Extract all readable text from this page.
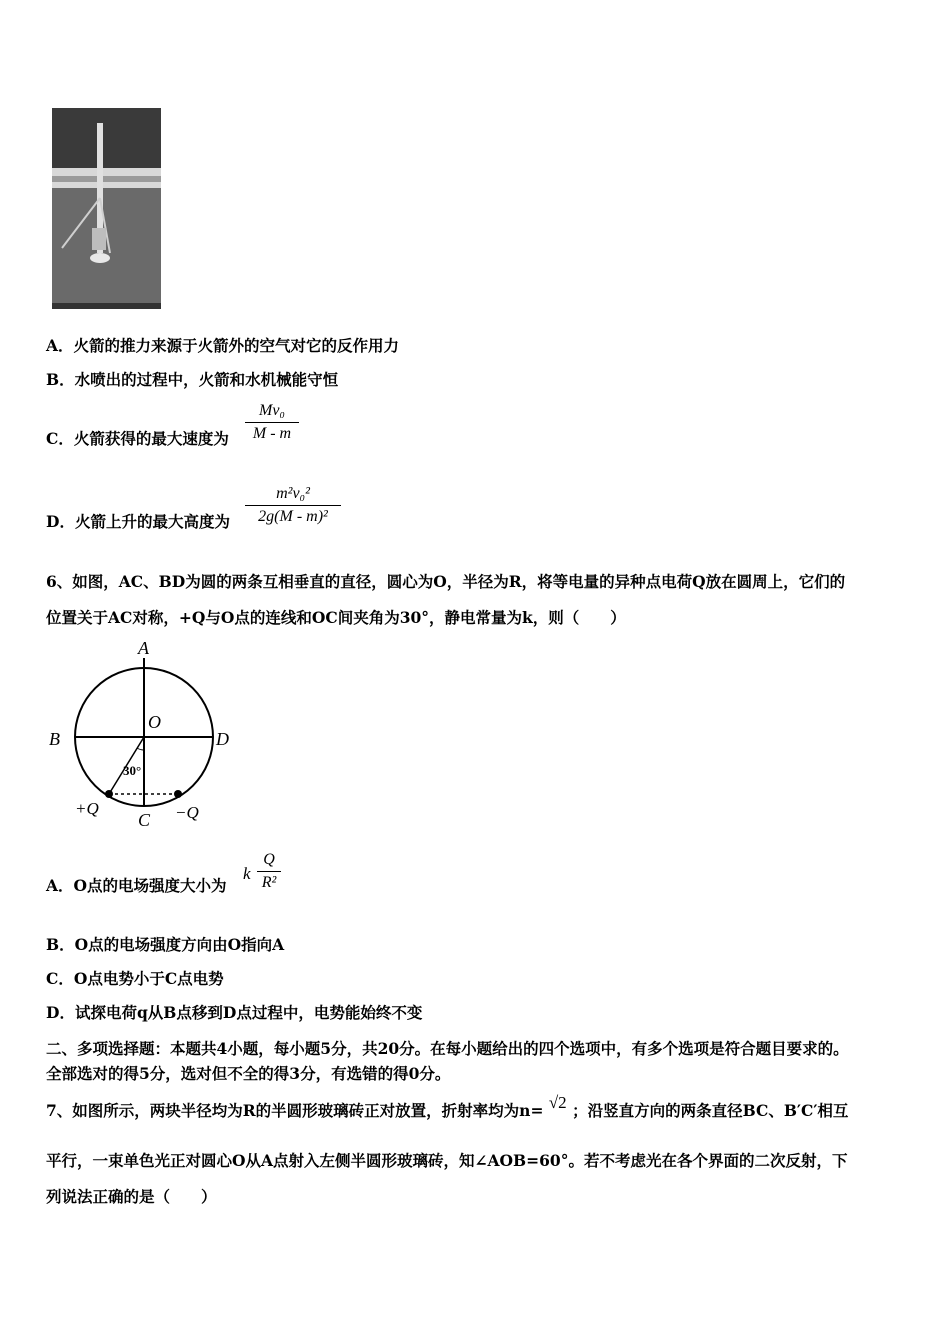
A．火箭的推力来源于火箭外的空气对它的反作用力
B．水喷出的过程中，火箭和水机械能守恒
C．火箭获得的最大速度为
Mv₀
M - m
D．火箭上升的最大高度为
m²v₀²
2g(M - m)²
6、如图，AC、BD为圆的两条互相垂直的直径，圆心为O，半径为R，将等电量的异种点电荷Q放在圆周上，它们的
位置关于AC对称，+Q与O点的连线和OC间夹角为30°，静电常量为k，则（　　）
A
B	D
C
O
30°
+Q	−Q
A．O点的电场强度大小为
k
Q
R²
B．O点的电场强度方向由O指向A
C．O点电势小于C点电势
D．试探电荷q从B点移到D点过程中，电势能始终不变
二、多项选择题：本题共4小题，每小题5分，共20分。在每小题给出的四个选项中，有多个选项是符合题目要求的。
全部选对的得5分，选对但不全的得3分，有选错的得0分。
7、如图所示，两块半径均为R的半圆形玻璃砖正对放置，折射率均为n= √2 ；沿竖直方向的两条直径BC、B′C′相互
平行，一束单色光正对圆心O从A点射入左侧半圆形玻璃砖，知∠AOB=60°。若不考虑光在各个界面的二次反射，下
列说法正确的是（　　）
